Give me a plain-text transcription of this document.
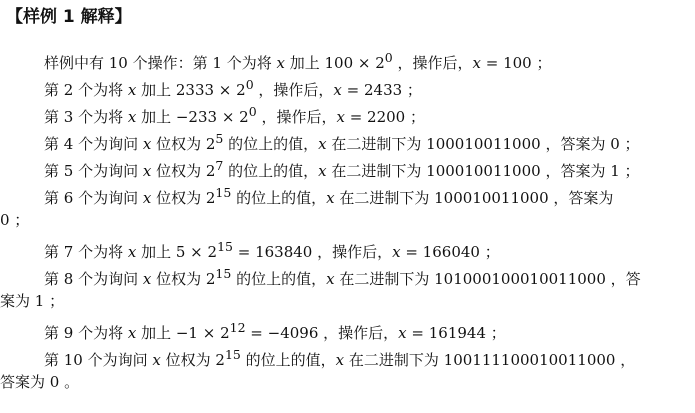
【样例 1 解释】
样例中有 10 个操作：第 1 个为将 x 加上 $100 \times 2^0$ ，操作后，x = 100 ；
第 2 个为将 x 加上 $2333 \times 2^0$ ，操作后，x = 2433 ；
第 3 个为将 x 加上 $-233 \times 2^0$ ，操作后，x = 2200 ；
第 4 个为询问 x 位权为 $2^5$ 的位上的值，x 在二进制下为 100010011000 ，答案为 0 ；
第 5 个为询问 x 位权为 $2^7$ 的位上的值，x 在二进制下为 100010011000 ，答案为 1 ；
第 6 个为询问 x 位权为 $2^{15}$ 的位上的值，x 在二进制下为 100010011000 ，答案为
0 ；
第 7 个为将 x 加上 $5 \times 2^{15} = 163840$ ，操作后，x = 166040 ；
第 8 个为询问 x 位权为 $2^{15}$ 的位上的值，x 在二进制下为 101000100010011000 ，答
案为 1 ；
第 9 个为将 x 加上 $-1 \times 2^{12} = -4096$ ，操作后，x = 161944 ；
第 10 个为询问 x 位权为 $2^{15}$ 的位上的值，x 在二进制下为 100111100010011000 ，
答案为 0 。
